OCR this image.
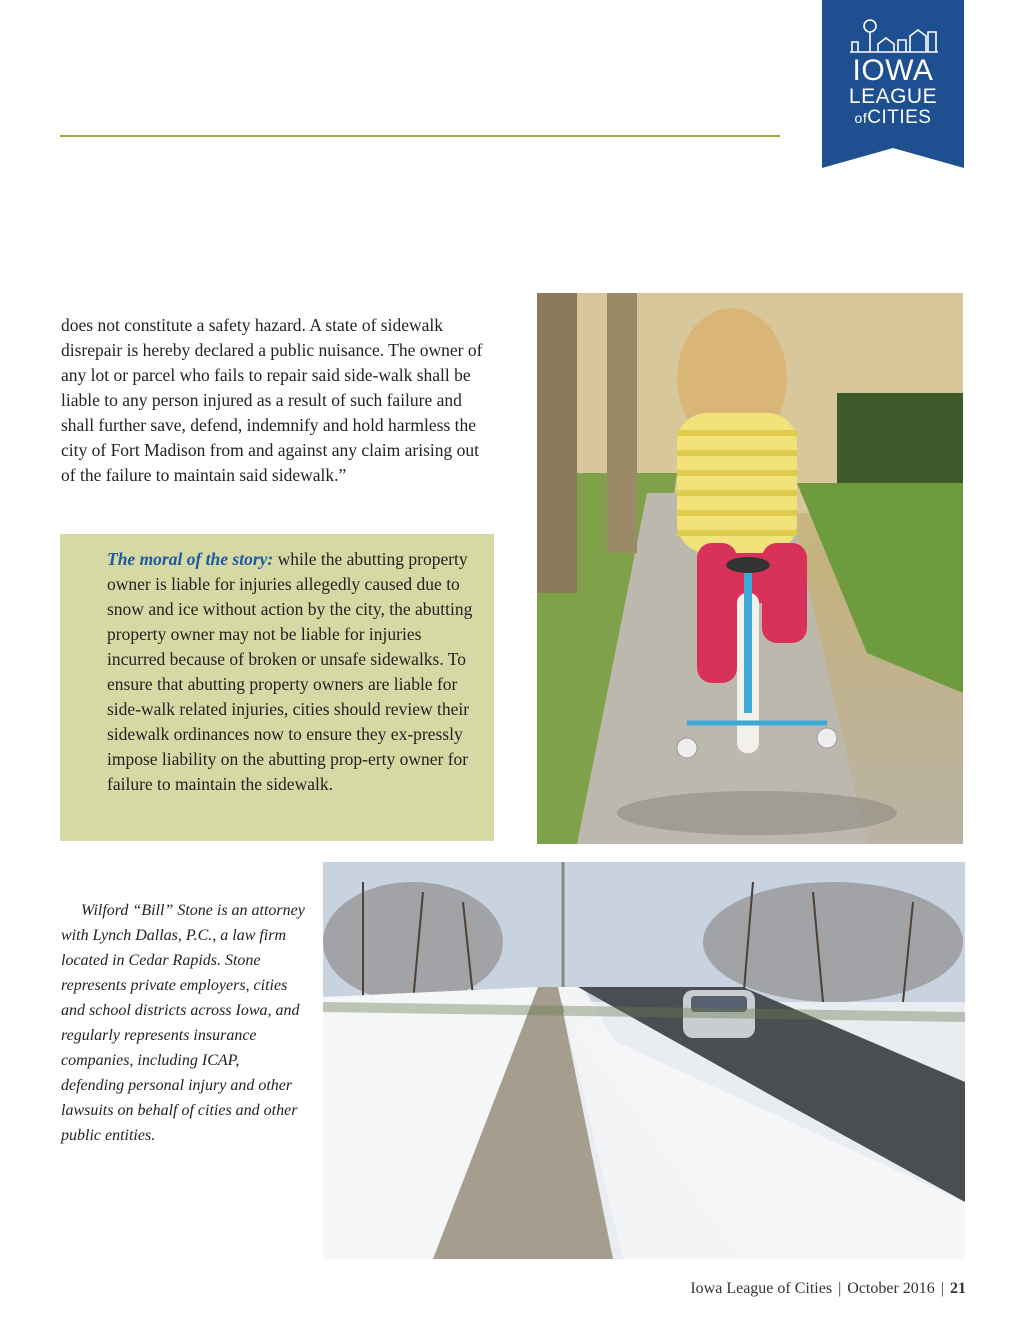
IOWA
LEAGUE
ofCITIES

does not constitute a safety hazard. A state of sidewalk disrepair is hereby declared a public nuisance. The owner of any lot or parcel who fails to repair said side-walk shall be liable to any person injured as a result of such failure and shall further save, defend, indemnify and hold harmless the city of Fort Madison from and against any claim arising out of the failure to maintain said sidewalk.”

The moral of the story: while the abutting property owner is liable for injuries allegedly caused due to snow and ice without action by the city, the abutting property owner may not be liable for injuries incurred because of broken or unsafe sidewalks. To ensure that abutting property owners are liable for side-walk related injuries, cities should review their sidewalk ordinances now to ensure they ex-pressly impose liability on the abutting prop-erty owner for failure to maintain the sidewalk.

Wilford “Bill” Stone is an attorney with Lynch Dallas, P.C., a law firm located in Cedar Rapids. Stone represents private employers, cities and school districts across Iowa, and regularly represents insurance companies, including ICAP, defending personal injury and other lawsuits on behalf of cities and other public entities.

Iowa League of Cities | October 2016 | 21
